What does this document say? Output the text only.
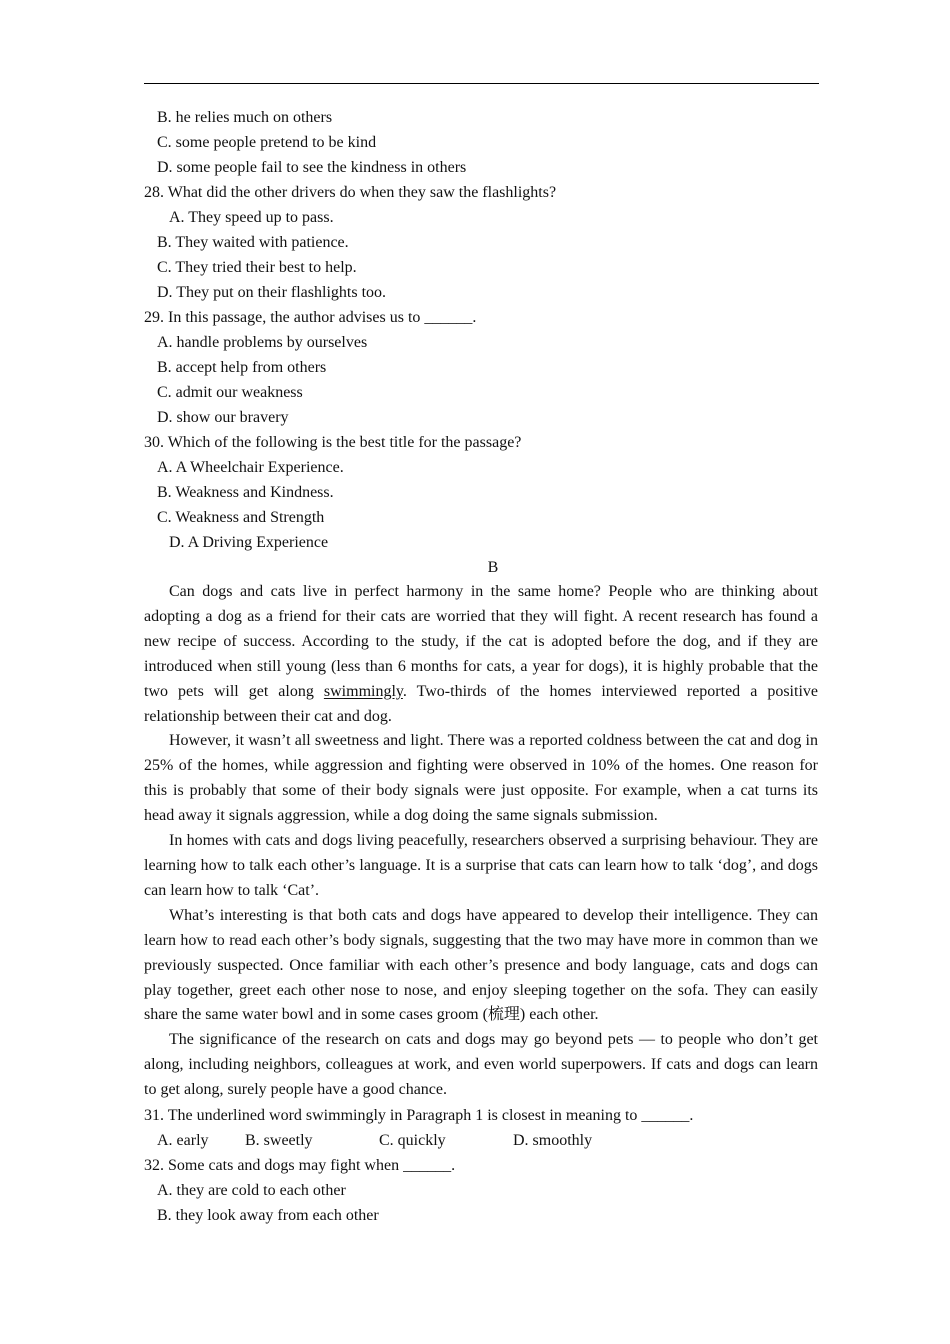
B. he relies much on others
C. some people pretend to be kind
D. some people fail to see the kindness in others
28. What did the other drivers do when they saw the flashlights?
A. They speed up to pass.
B. They waited with patience.
C. They tried their best to help.
D. They put on their flashlights too.
29. In this passage, the author advises us to ______.
A. handle problems by ourselves
B. accept help from others
C. admit our weakness
D. show our bravery
30. Which of the following is the best title for the passage?
A. A Wheelchair Experience.
B. Weakness and Kindness.
C. Weakness and Strength
D. A Driving Experience
B
Can dogs and cats live in perfect harmony in the same home? People who are thinking about adopting a dog as a friend for their cats are worried that they will fight. A recent research has found a new recipe of success. According to the study, if the cat is adopted before the dog, and if they are introduced when still young (less than 6 months for cats, a year for dogs), it is highly probable that the two pets will get along swimmingly. Two-thirds of the homes interviewed reported a positive relationship between their cat and dog.
However, it wasn’t all sweetness and light. There was a reported coldness between the cat and dog in 25% of the homes, while aggression and fighting were observed in 10% of the homes. One reason for this is probably that some of their body signals were just opposite. For example, when a cat turns its head away it signals aggression, while a dog doing the same signals submission.
In homes with cats and dogs living peacefully, researchers observed a surprising behaviour. They are learning how to talk each other’s language. It is a surprise that cats can learn how to talk ‘dog’, and dogs can learn how to talk ‘Cat’.
What’s interesting is that both cats and dogs have appeared to develop their intelligence. They can learn how to read each other’s body signals, suggesting that the two may have more in common than we previously suspected. Once familiar with each other’s presence and body language, cats and dogs can play together, greet each other nose to nose, and enjoy sleeping together on the sofa. They can easily share the same water bowl and in some cases groom (梳理) each other.
The significance of the research on cats and dogs may go beyond pets — to people who don’t get along, including neighbors, colleagues at work, and even world superpowers. If cats and dogs can learn to get along, surely people have a good chance.
31. The underlined word swimmingly in Paragraph 1 is closest in meaning to ______.
A. early	B. sweetly	C. quickly	D. smoothly
32. Some cats and dogs may fight when ______.
A. they are cold to each other
B. they look away from each other
